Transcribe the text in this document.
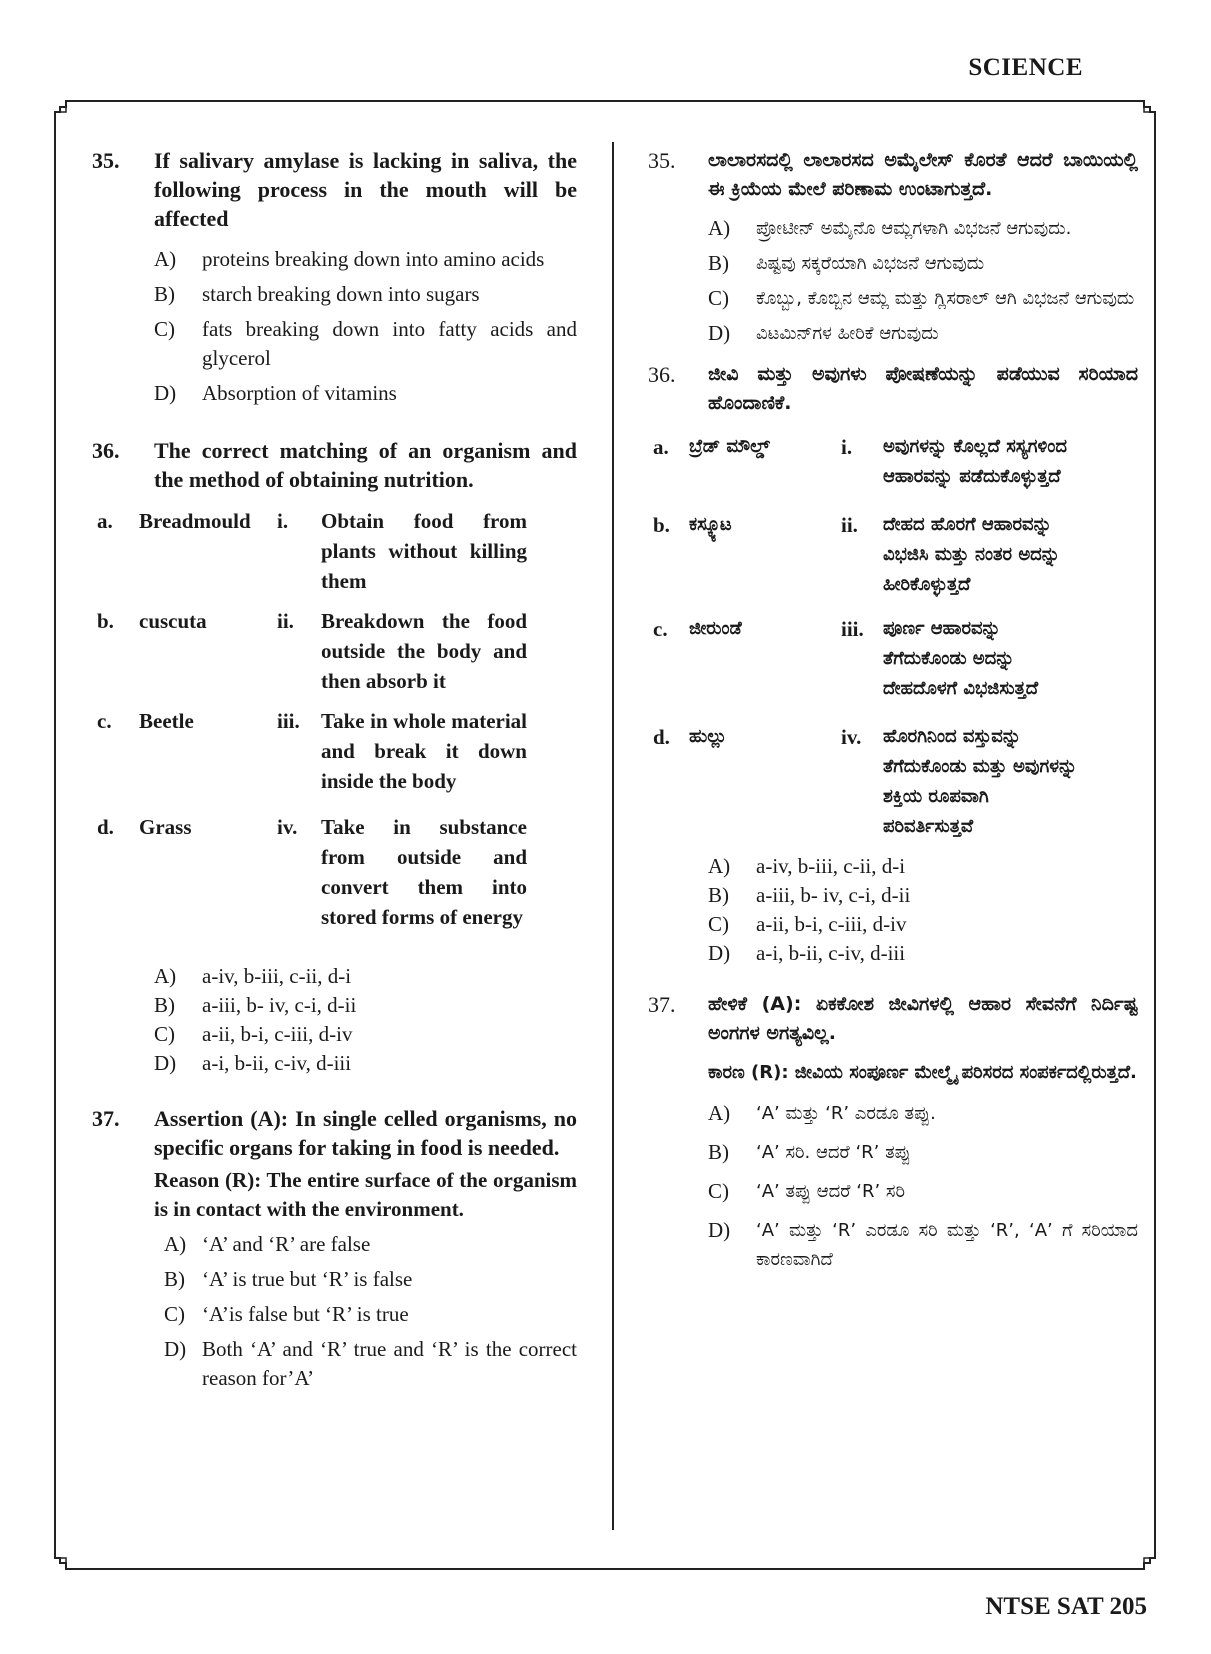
SCIENCE
35.	If salivary amylase is lacking in saliva, the following process in the mouth will be affected
A)	proteins breaking down into amino acids
B)	starch breaking down into sugars
C)	fats breaking down into fatty acids and glycerol
D)	Absorption of vitamins
36.	The correct matching of an organism and the method of obtaining nutrition.
a.	Breadmould	i.	Obtain food from plants without killing them
b.	cuscuta	ii.	Breakdown the food outside the body and then absorb it
c.	Beetle	iii.	Take in whole material and break it down inside the body
d.	Grass	iv.	Take in substance from outside and convert them into stored forms of energy
A)	a-iv, b-iii, c-ii, d-i
B)	a-iii, b- iv, c-i, d-ii
C)	a-ii, b-i, c-iii, d-iv
D)	a-i, b-ii, c-iv, d-iii
37.	Assertion (A): In single celled organisms, no specific organs for taking in food is needed.
Reason (R): The entire surface of the organism is in contact with the environment.
A) ‘A’ and ‘R’ are false
B) ‘A’ is true but ‘R’ is false
C) ‘A’is false but ‘R’ is true
D) Both ‘A’ and ‘R’ true and ‘R’ is the correct reason for’A’
35.	ಲಾಲಾರಸದಲ್ಲಿ ಲಾಲಾರಸದ ಅಮೈಲೇಸ್ ಕೊರತೆ ಆದರೆ ಬಾಯಿಯಲ್ಲಿ ಈ ಕ್ರಿಯೆಯ ಮೇಲೆ ಪರಿಣಾಮ ಉಂಟಾಗುತ್ತದೆ.
A)	ಪ್ರೋಟೀನ್ ಅಮೈನೊ ಆಮ್ಲಗಳಾಗಿ ವಿಭಜನೆ ಆಗುವುದು.
B)	ಪಿಷ್ಟವು ಸಕ್ಕರೆಯಾಗಿ ವಿಭಜನೆ ಆಗುವುದು
C)	ಕೊಬ್ಬು, ಕೊಬ್ಬಿನ ಆಮ್ಲ ಮತ್ತು ಗ್ಲಿಸರಾಲ್ ಆಗಿ ವಿಭಜನೆ ಆಗುವುದು
D)	ವಿಟಮಿನ್‌ಗಳ ಹೀರಿಕೆ ಆಗುವುದು
36.	ಜೀವಿ ಮತ್ತು ಅವುಗಳು ಪೋಷಣೆಯನ್ನು ಪಡೆಯುವ ಸರಿಯಾದ ಹೊಂದಾಣಿಕೆ.
a.	ಬ್ರೆಡ್ ಮೌಲ್ಡ್	i.	ಅವುಗಳನ್ನು ಕೊಲ್ಲದೆ ಸಸ್ಯಗಳಿಂದ ಆಹಾರವನ್ನು ಪಡೆದುಕೊಳ್ಳುತ್ತದೆ
b.	ಕಸ್ಕ್ಯೂಟ	ii.	ದೇಹದ ಹೊರಗೆ ಆಹಾರವನ್ನು ವಿಭಜಿಸಿ ಮತ್ತು ನಂತರ ಅದನ್ನು ಹೀರಿಕೊಳ್ಳುತ್ತದೆ
c.	ಜೀರುಂಡೆ	iii.	ಪೂರ್ಣ ಆಹಾರವನ್ನು ತೆಗೆದುಕೊಂಡು ಅದನ್ನು ದೇಹದೊಳಗೆ ವಿಭಜಿಸುತ್ತದೆ
d.	ಹುಲ್ಲು	iv.	ಹೊರಗಿನಿಂದ ವಸ್ತುವನ್ನು ತೆಗೆದುಕೊಂಡು ಮತ್ತು ಅವುಗಳನ್ನು ಶಕ್ತಿಯ ರೂಪವಾಗಿ ಪರಿವರ್ತಿಸುತ್ತವೆ
A)	a-iv, b-iii, c-ii, d-i
B)	a-iii, b- iv, c-i, d-ii
C)	a-ii, b-i, c-iii, d-iv
D)	a-i, b-ii, c-iv, d-iii
37.	ಹೇಳಿಕೆ (A): ಏಕಕೋಶ ಜೀವಿಗಳಲ್ಲಿ ಆಹಾರ ಸೇವನೆಗೆ ನಿರ್ದಿಷ್ಟ ಅಂಗಗಳ ಅಗತ್ಯವಿಲ್ಲ.
ಕಾರಣ (R): ಜೀವಿಯ ಸಂಪೂರ್ಣ ಮೇಲ್ಮೈ ಪರಿಸರದ ಸಂಪರ್ಕದಲ್ಲಿರುತ್ತದೆ.
A)	‘A’ ಮತ್ತು ‘R’ ಎರಡೂ ತಪ್ಪು.
B)	‘A’ ಸರಿ. ಆದರೆ ‘R’ ತಪ್ಪು
C)	‘A’ ತಪ್ಪು ಆದರೆ ‘R’ ಸರಿ
D)	‘A’ ಮತ್ತು ‘R’ ಎರಡೂ ಸರಿ ಮತ್ತು ‘R’, ‘A’ ಗೆ ಸರಿಯಾದ ಕಾರಣವಾಗಿದೆ
NTSE SAT 205
